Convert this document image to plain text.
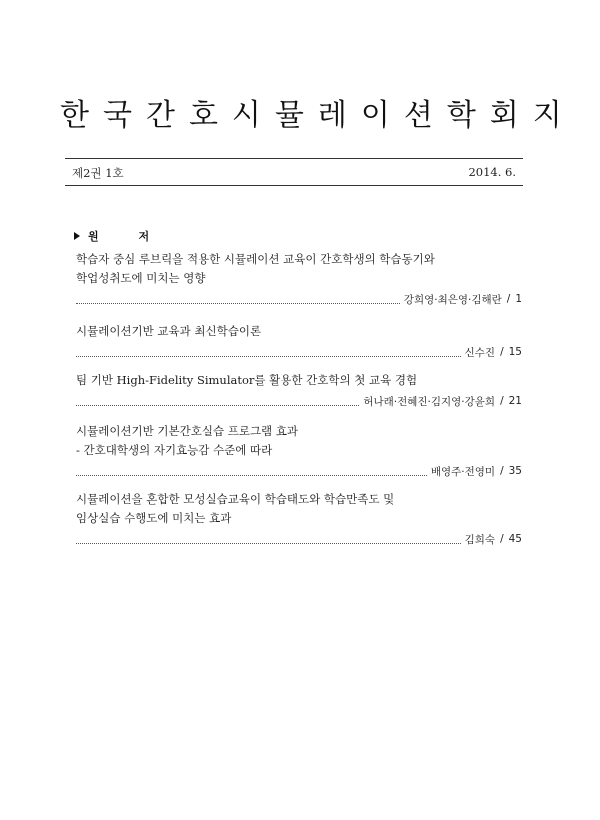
한국간호시뮬레이션학회지
제2권 1호	2014. 6.
원 저
학습자 중심 루브릭을 적용한 시뮬레이션 교육이 간호학생의 학습동기와
학업성취도에 미치는 영향
강희영·최은영·김해란 / 1
시뮬레이션기반 교육과 최신학습이론
신수진 / 15
팀 기반 High-Fidelity Simulator를 활용한 간호학의 첫 교육 경험
허나래·전혜진·김지영·강윤희 / 21
시뮬레이션기반 기본간호실습 프로그램 효과
- 간호대학생의 자기효능감 수준에 따라
배영주·전영미 / 35
시뮬레이션을 혼합한 모성실습교육이 학습태도와 학습만족도 및
임상실습 수행도에 미치는 효과
김희숙 / 45
